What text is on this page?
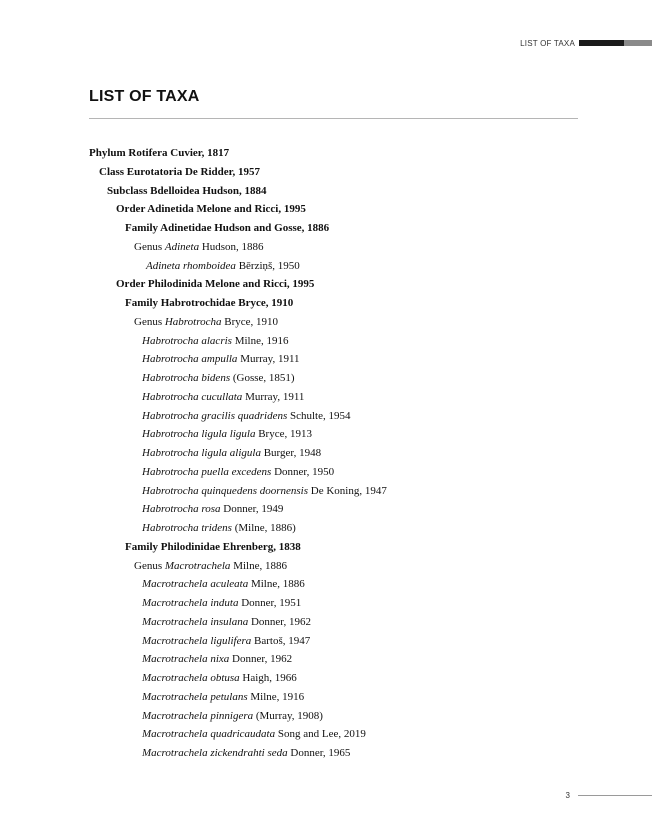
LIST OF TAXA
LIST OF TAXA
Phylum Rotifera Cuvier, 1817
Class Eurotatoria De Ridder, 1957
Subclass Bdelloidea Hudson, 1884
Order Adinetida Melone and Ricci, 1995
Family Adinetidae Hudson and Gosse, 1886
Genus Adineta Hudson, 1886
Adineta rhomboidea Bērziņš, 1950
Order Philodinida Melone and Ricci, 1995
Family Habrotrochidae Bryce, 1910
Genus Habrotrocha Bryce, 1910
Habrotrocha alacris Milne, 1916
Habrotrocha ampulla Murray, 1911
Habrotrocha bidens (Gosse, 1851)
Habrotrocha cucullata Murray, 1911
Habrotrocha gracilis quadridens Schulte, 1954
Habrotrocha ligula ligula Bryce, 1913
Habrotrocha ligula aligula Burger, 1948
Habrotrocha puella excedens Donner, 1950
Habrotrocha quinquedens doornensis De Koning, 1947
Habrotrocha rosa Donner, 1949
Habrotrocha tridens (Milne, 1886)
Family Philodinidae Ehrenberg, 1838
Genus Macrotrachela Milne, 1886
Macrotrachela aculeata Milne, 1886
Macrotrachela induta Donner, 1951
Macrotrachela insulana Donner, 1962
Macrotrachela ligulifera Bartoš, 1947
Macrotrachela nixa Donner, 1962
Macrotrachela obtusa Haigh, 1966
Macrotrachela petulans Milne, 1916
Macrotrachela pinnigera (Murray, 1908)
Macrotrachela quadricaudata Song and Lee, 2019
Macrotrachela zickendrahti seda Donner, 1965
3
